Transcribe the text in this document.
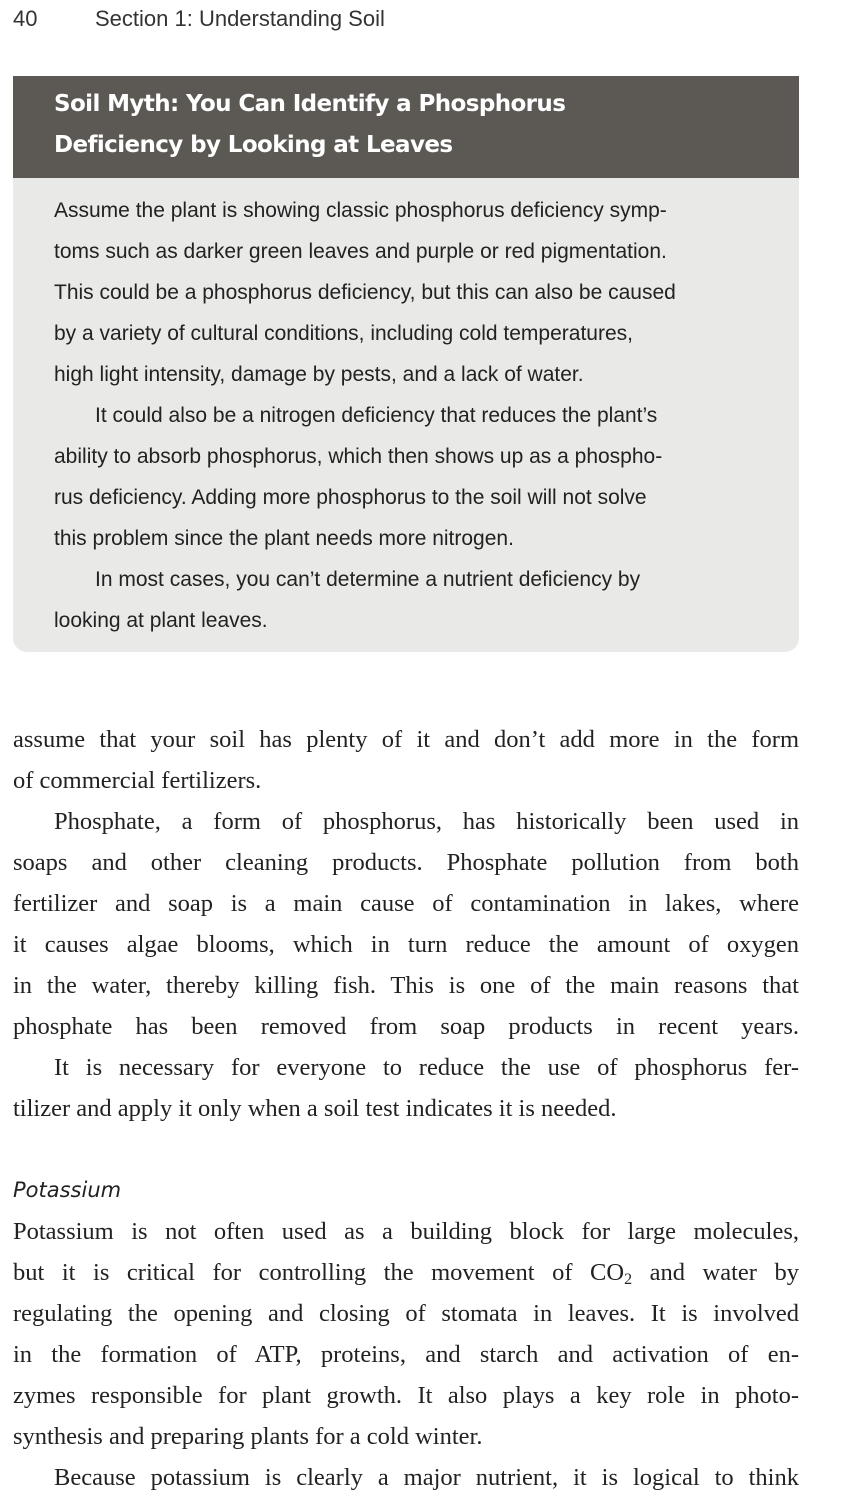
40	Section 1: Understanding Soil
Soil Myth: You Can Identify a Phosphorus
Deficiency by Looking at Leaves
Assume the plant is showing classic phosphorus deficiency symp-
toms such as darker green leaves and purple or red pigmentation.
This could be a phosphorus deficiency, but this can also be caused
by a variety of cultural conditions, including cold temperatures,
high light intensity, damage by pests, and a lack of water.
It could also be a nitrogen deficiency that reduces the plant’s
ability to absorb phosphorus, which then shows up as a phospho-
rus deficiency. Adding more phosphorus to the soil will not solve
this problem since the plant needs more nitrogen.
In most cases, you can’t determine a nutrient deficiency by
looking at plant leaves.
assume that your soil has plenty of it and don’t add more in the form
of commercial fertilizers.
Phosphate, a form of phosphorus, has historically been used in
soaps and other cleaning products. Phosphate pollution from both
fertilizer and soap is a main cause of contamination in lakes, where
it causes algae blooms, which in turn reduce the amount of oxygen
in the water, thereby killing fish. This is one of the main reasons that
phosphate has been removed from soap products in recent years.
It is necessary for everyone to reduce the use of phosphorus fer-
tilizer and apply it only when a soil test indicates it is needed.
Potassium
Potassium is not often used as a building block for large molecules,
but it is critical for controlling the movement of $CO_2$ and water by
regulating the opening and closing of stomata in leaves. It is involved
in the formation of ATP, proteins, and starch and activation of en-
zymes responsible for plant growth. It also plays a key role in photo-
synthesis and preparing plants for a cold winter.
Because potassium is clearly a major nutrient, it is logical to think
